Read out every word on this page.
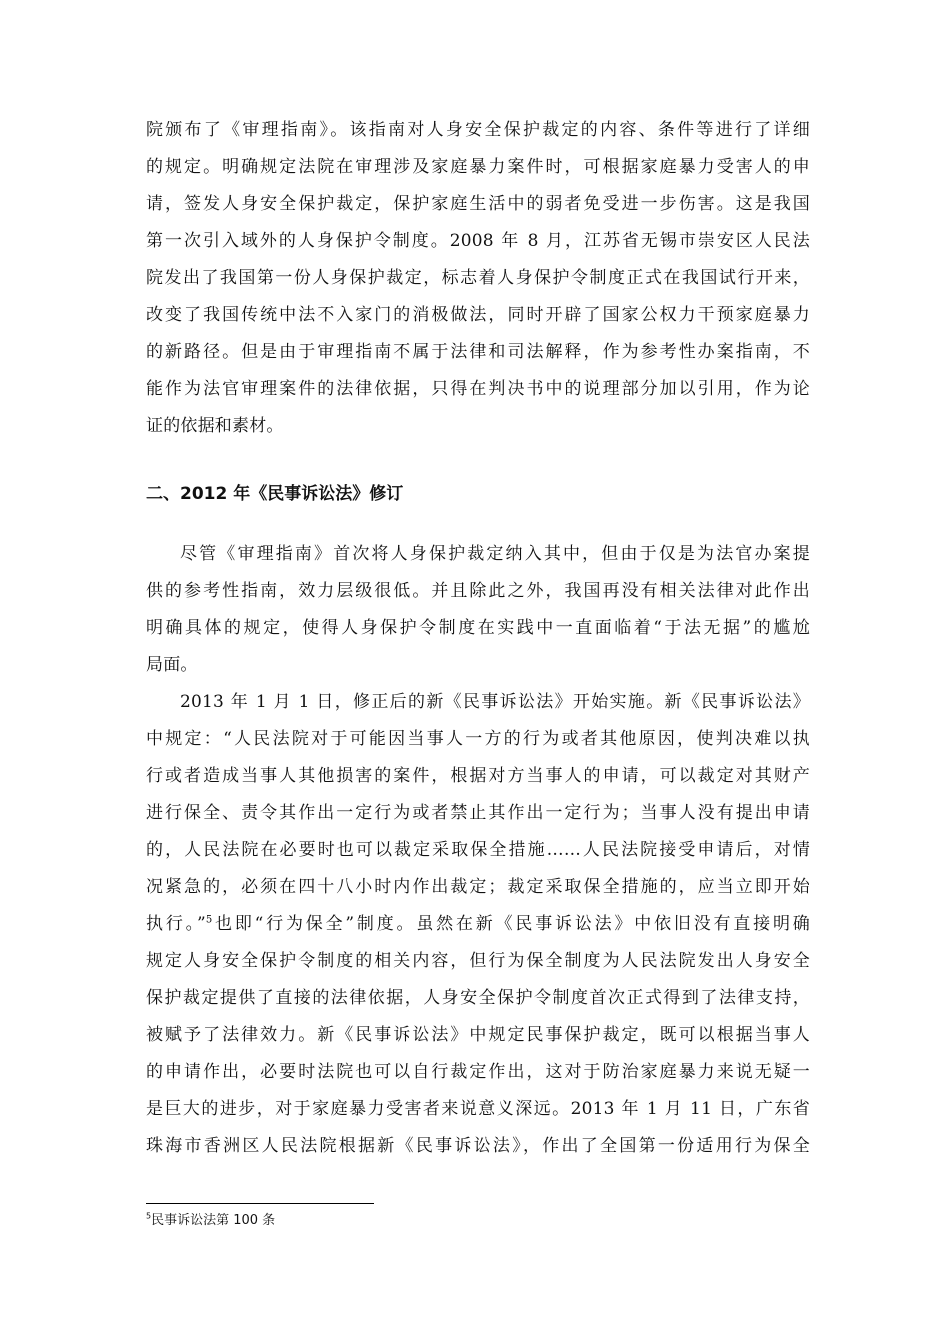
院颁布了《审理指南》。该指南对人身安全保护裁定的内容、条件等进行了详细
的规定。明确规定法院在审理涉及家庭暴力案件时，可根据家庭暴力受害人的申
请，签发人身安全保护裁定，保护家庭生活中的弱者免受进一步伤害。这是我国
第一次引入域外的人身保护令制度。2008 年 8 月，江苏省无锡市崇安区人民法
院发出了我国第一份人身保护裁定，标志着人身保护令制度正式在我国试行开来，
改变了我国传统中法不入家门的消极做法，同时开辟了国家公权力干预家庭暴力
的新路径。但是由于审理指南不属于法律和司法解释，作为参考性办案指南，不
能作为法官审理案件的法律依据，只得在判决书中的说理部分加以引用，作为论
证的依据和素材。
二、2012 年《民事诉讼法》修订
尽管《审理指南》首次将人身保护裁定纳入其中，但由于仅是为法官办案提
供的参考性指南，效力层级很低。并且除此之外，我国再没有相关法律对此作出
明确具体的规定，使得人身保护令制度在实践中一直面临着“于法无据”的尴尬
局面。
2013 年 1 月 1 日，修正后的新《民事诉讼法》开始实施。新《民事诉讼法》
中规定：“人民法院对于可能因当事人一方的行为或者其他原因，使判决难以执
行或者造成当事人其他损害的案件，根据对方当事人的申请，可以裁定对其财产
进行保全、责令其作出一定行为或者禁止其作出一定行为；当事人没有提出申请
的，人民法院在必要时也可以裁定采取保全措施……人民法院接受申请后，对情
况紧急的，必须在四十八小时内作出裁定；裁定采取保全措施的，应当立即开始
执行。”$^5$也即“行为保全”制度。虽然在新《民事诉讼法》中依旧没有直接明确
规定人身安全保护令制度的相关内容，但行为保全制度为人民法院发出人身安全
保护裁定提供了直接的法律依据，人身安全保护令制度首次正式得到了法律支持，
被赋予了法律效力。新《民事诉讼法》中规定民事保护裁定，既可以根据当事人
的申请作出，必要时法院也可以自行裁定作出，这对于防治家庭暴力来说无疑一
是巨大的进步，对于家庭暴力受害者来说意义深远。2013 年 1 月 11 日，广东省
珠海市香洲区人民法院根据新《民事诉讼法》，作出了全国第一份适用行为保全
$^5$民事诉讼法第 100 条
